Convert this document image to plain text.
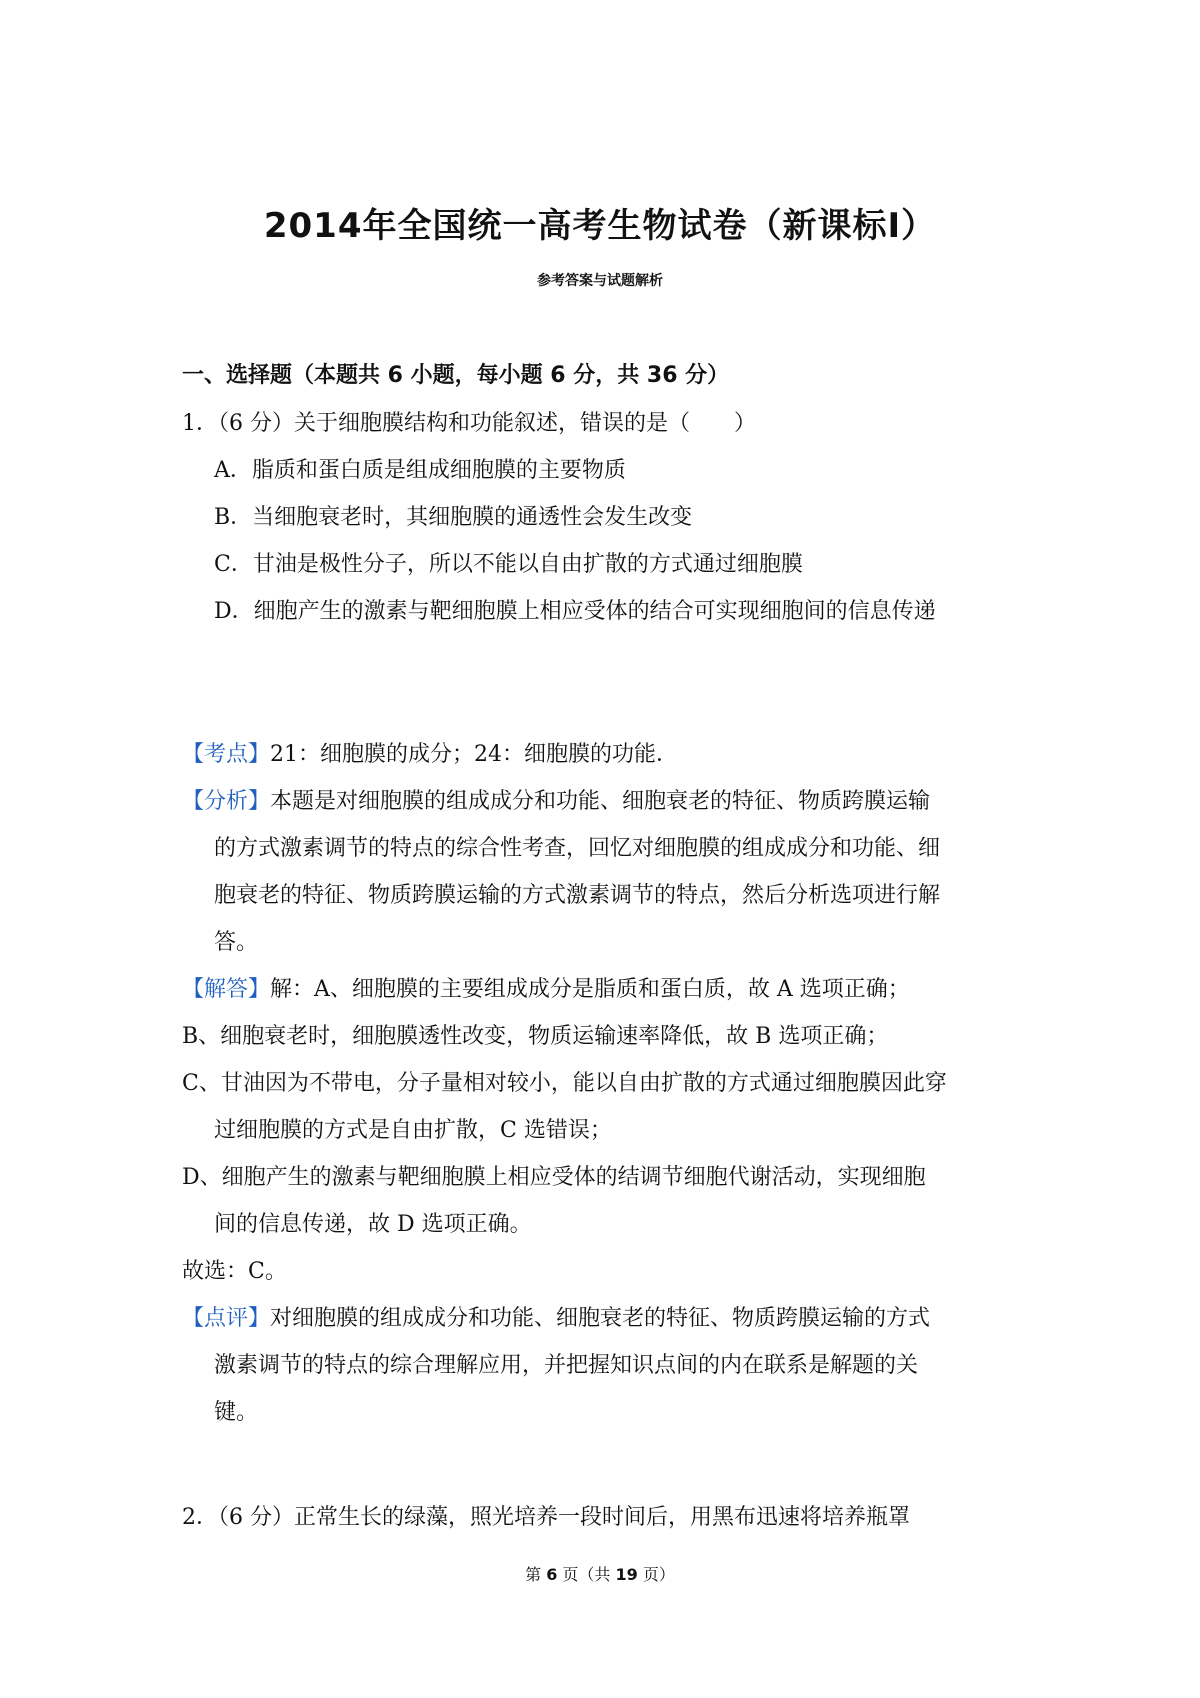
2014年全国统一高考生物试卷（新课标Ⅰ）
参考答案与试题解析
一、选择题（本题共 6 小题，每小题 6 分，共 36 分）
1．（6 分）关于细胞膜结构和功能叙述，错误的是（　　）
A．脂质和蛋白质是组成细胞膜的主要物质
B．当细胞衰老时，其细胞膜的通透性会发生改变
C．甘油是极性分子，所以不能以自由扩散的方式通过细胞膜
D．细胞产生的激素与靶细胞膜上相应受体的结合可实现细胞间的信息传递
【考点】21：细胞膜的成分；24：细胞膜的功能．
【分析】本题是对细胞膜的组成成分和功能、细胞衰老的特征、物质跨膜运输
的方式激素调节的特点的综合性考查，回忆对细胞膜的组成成分和功能、细
胞衰老的特征、物质跨膜运输的方式激素调节的特点，然后分析选项进行解
答。
【解答】解：A、细胞膜的主要组成成分是脂质和蛋白质，故 A 选项正确；
B、细胞衰老时，细胞膜透性改变，物质运输速率降低，故 B 选项正确；
C、甘油因为不带电，分子量相对较小，能以自由扩散的方式通过细胞膜因此穿
过细胞膜的方式是自由扩散，C 选错误；
D、细胞产生的激素与靶细胞膜上相应受体的结调节细胞代谢活动，实现细胞
间的信息传递，故 D 选项正确。
故选：C。
【点评】对细胞膜的组成成分和功能、细胞衰老的特征、物质跨膜运输的方式
激素调节的特点的综合理解应用，并把握知识点间的内在联系是解题的关
键。
2．（6 分）正常生长的绿藻，照光培养一段时间后，用黑布迅速将培养瓶罩
第 6 页（共 19 页）
